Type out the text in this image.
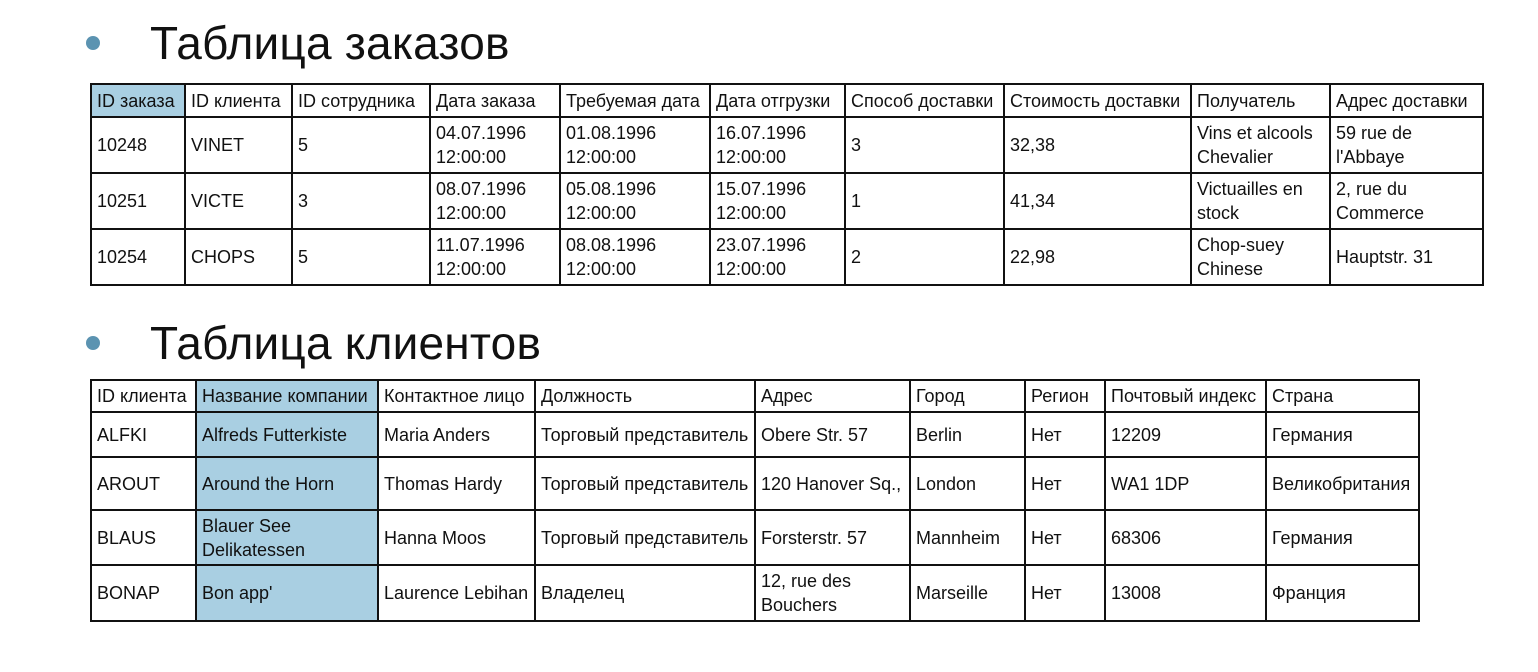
Таблица заказов
ID заказа	ID клиента	ID сотрудника	Дата заказа	Требуемая дата	Дата отгрузки	Способ доставки	Стоимость доставки	Получатель	Адрес доставки
10248	VINET	5	04.07.1996 12:00:00	01.08.1996 12:00:00	16.07.1996 12:00:00	3	32,38	Vins et alcools Chevalier	59 rue de l'Abbaye
10251	VICTE	3	08.07.1996 12:00:00	05.08.1996 12:00:00	15.07.1996 12:00:00	1	41,34	Victuailles en stock	2, rue du Commerce
10254	CHOPS	5	11.07.1996 12:00:00	08.08.1996 12:00:00	23.07.1996 12:00:00	2	22,98	Chop-suey Chinese	Hauptstr. 31
Таблица клиентов
ID клиента	Название компании	Контактное лицо	Должность	Адрес	Город	Регион	Почтовый индекс	Страна
ALFKI	Alfreds Futterkiste	Maria Anders	Торговый представитель	Obere Str. 57	Berlin	Нет	12209	Германия
AROUT	Around the Horn	Thomas Hardy	Торговый представитель	120 Hanover Sq.,	London	Нет	WA1 1DP	Великобритания
BLAUS	Blauer See Delikatessen	Hanna Moos	Торговый представитель	Forsterstr. 57	Mannheim	Нет	68306	Германия
BONAP	Bon app'	Laurence Lebihan	Владелец	12, rue des Bouchers	Marseille	Нет	13008	Франция
